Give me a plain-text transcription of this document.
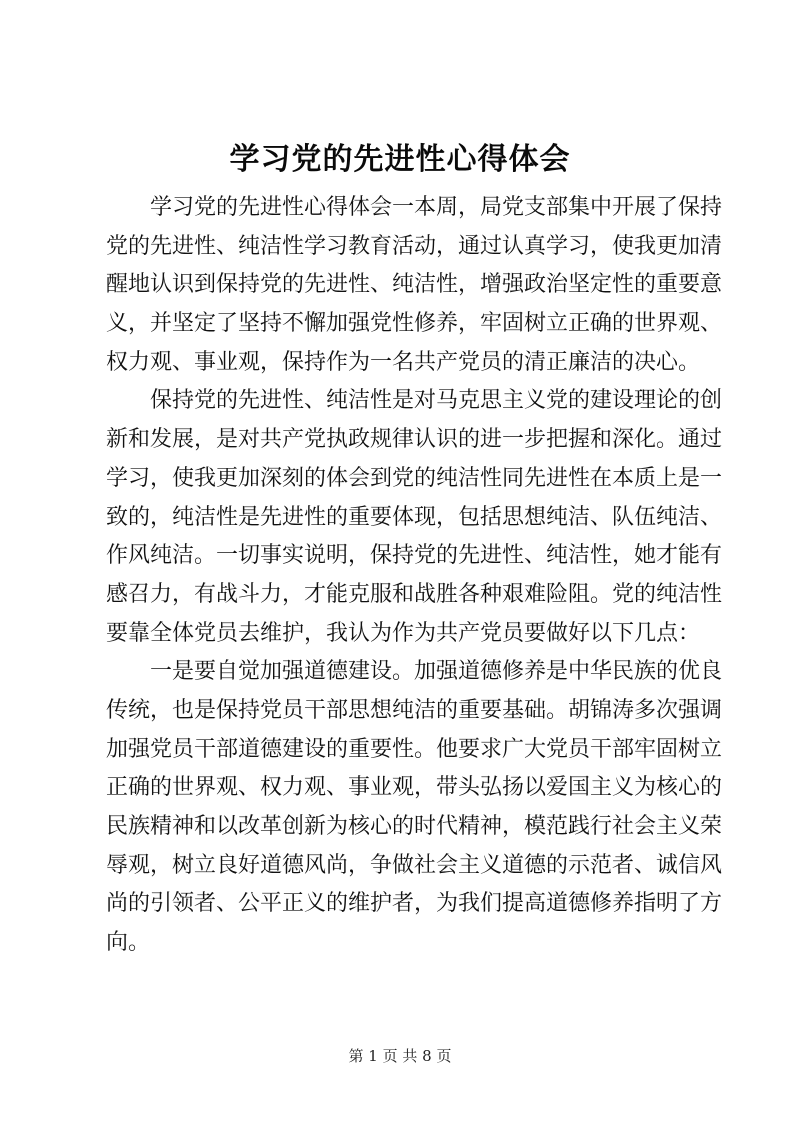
学习党的先进性心得体会
学习党的先进性心得体会一本周，局党支部集中开展了保持
党的先进性、纯洁性学习教育活动，通过认真学习，使我更加清
醒地认识到保持党的先进性、纯洁性，增强政治坚定性的重要意
义，并坚定了坚持不懈加强党性修养，牢固树立正确的世界观、
权力观、事业观，保持作为一名共产党员的清正廉洁的决心。
保持党的先进性、纯洁性是对马克思主义党的建设理论的创
新和发展，是对共产党执政规律认识的进一步把握和深化。通过
学习，使我更加深刻的体会到党的纯洁性同先进性在本质上是一
致的，纯洁性是先进性的重要体现，包括思想纯洁、队伍纯洁、
作风纯洁。一切事实说明，保持党的先进性、纯洁性，她才能有
感召力，有战斗力，才能克服和战胜各种艰难险阻。党的纯洁性
要靠全体党员去维护，我认为作为共产党员要做好以下几点：
一是要自觉加强道德建设。加强道德修养是中华民族的优良
传统，也是保持党员干部思想纯洁的重要基础。胡锦涛多次强调
加强党员干部道德建设的重要性。他要求广大党员干部牢固树立
正确的世界观、权力观、事业观，带头弘扬以爱国主义为核心的
民族精神和以改革创新为核心的时代精神，模范践行社会主义荣
辱观，树立良好道德风尚，争做社会主义道德的示范者、诚信风
尚的引领者、公平正义的维护者，为我们提高道德修养指明了方
向。
第 1 页 共 8 页
